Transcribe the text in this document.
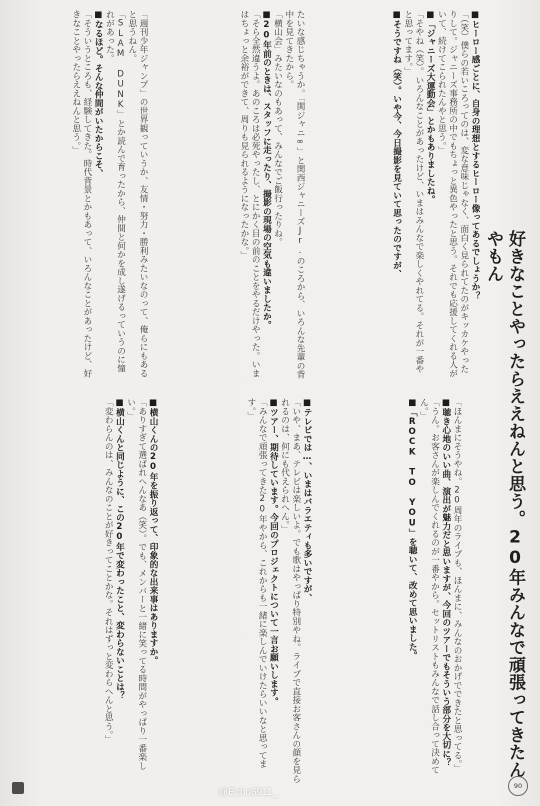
好きなことやったらええねんと思う。20年みんなで頑張ってきたんやもん

■ヒーロー感ごとに、自身の理想とするヒーロー像ってあるでしょうか？

「（笑）僕らの若いころってのは、変な意味じゃなく、面白く見られてたのがキッカケやったりして。ジャニーズ事務所の中でもちょっと異色やったと思う。それでも応援してくれる人がいて、続けてこられたんやと思う。」

■「ジャニーズ大運動会」とかもありましたね。

「そやね（笑）。いろんなことがあったけど、いまはみんなで楽しくやれてる。それが一番やと思ってます。」

■そうですね（笑）。いや今、今日撮影を見ていて思ったのですが、

たいな感じちゃうか。「関ジャニ∞」と関西ジャニーズJr.のころから、いろんな先輩の背中を見てきたから。

「横山会」みたいなのもあって、みんなでご飯行ったりね。

■20年前のときは、スタッフに走ったり、撮影の現場の空気も違いましたか。

「そら全然違うよ。あのころは必死やったし、とにかく目の前のことをやるだけやった。いまはちょっと余裕ができて、周りも見られるようになったかな。」

「週刊少年ジャンプ」の世界観っていうか、友情・努力・勝利みたいなのって、俺らにもあると思うねん。

「SLAM DUNK」とか読んで育ったから、仲間と何かを成し遂げるっていうのに憧れがあった。

■なるほど。そんな仲間がいたからこそ、

「そういうところも、経験してきた。時代背景とかもあって、いろんなことがあったけど、好きなことやったらええねんと思う。」

「ほんまにそうやね。20周年のライブも、ほんまに、みんなのおかげでできたと思ってる。」

■聴き心地のいい曲、演出が魅力だと思いますが、今回のツアーでもそういう部分を大切に？

「うん。お客さんが楽しんでくれるのが一番やから。セットリストもみんなで話し合って決めてん。」

■「ROCK TO YOU」を聴いて、改めて思いました。

■テレビでは…、いまはバラエティも多いですが、

「いや、まあ、テレビは楽しいよ。でも歌はやっぱり特別やね。ライブで直接お客さんの顔を見られるのは、何にも代えられへん。」

■ツアー、期待しています。今回のプロジェクトについて一言お願いします。

「みんなで頑張ってきた20年やから、これからも一緒に楽しんでいけたらいいなと思ってます。」

■横山くんの20年を振り返って、印象的な出来事はありますか。

「ありすぎて選ばれへんなあ（笑）。でも、メンバーと一緒に笑ってる時間がやっぱり一番楽しい。」

■横山くんと同じように、この20年で変わったこと、変わらないことは？

「変わらんのは、みんなのことが好きってことかな。それはずっと変わらへんと思う。」

90
@Echo6911_
